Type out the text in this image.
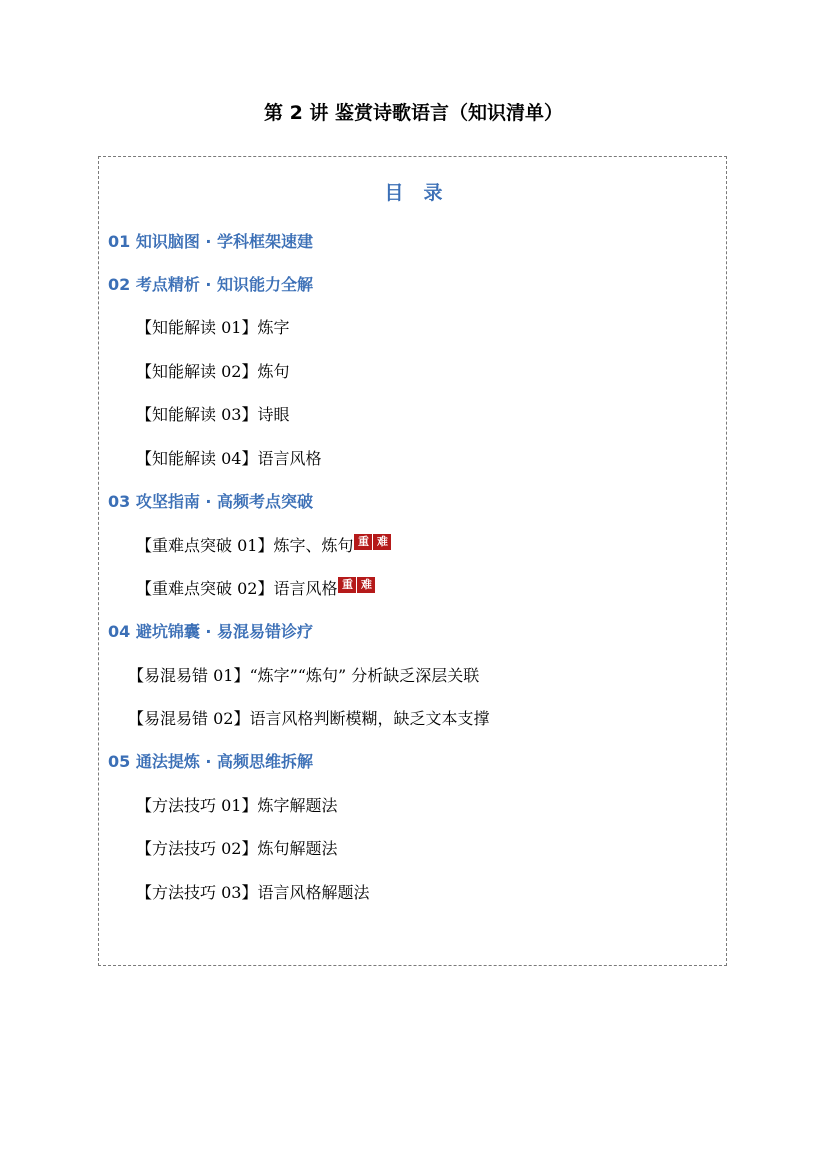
第 2 讲 鉴赏诗歌语言（知识清单）
目录
01 知识脑图 · 学科框架速建
02 考点精析 · 知识能力全解
【知能解读 01】炼字
【知能解读 02】炼句
【知能解读 03】诗眼
【知能解读 04】语言风格
03 攻坚指南 · 高频考点突破
【重难点突破 01】炼字、炼句 重 难
【重难点突破 02】语言风格 重 难
04 避坑锦囊 · 易混易错诊疗
【易混易错 01】“炼字”“炼句” 分析缺乏深层关联
【易混易错 02】语言风格判断模糊，缺乏文本支撑
05 通法提炼 · 高频思维拆解
【方法技巧 01】炼字解题法
【方法技巧 02】炼句解题法
【方法技巧 03】语言风格解题法
